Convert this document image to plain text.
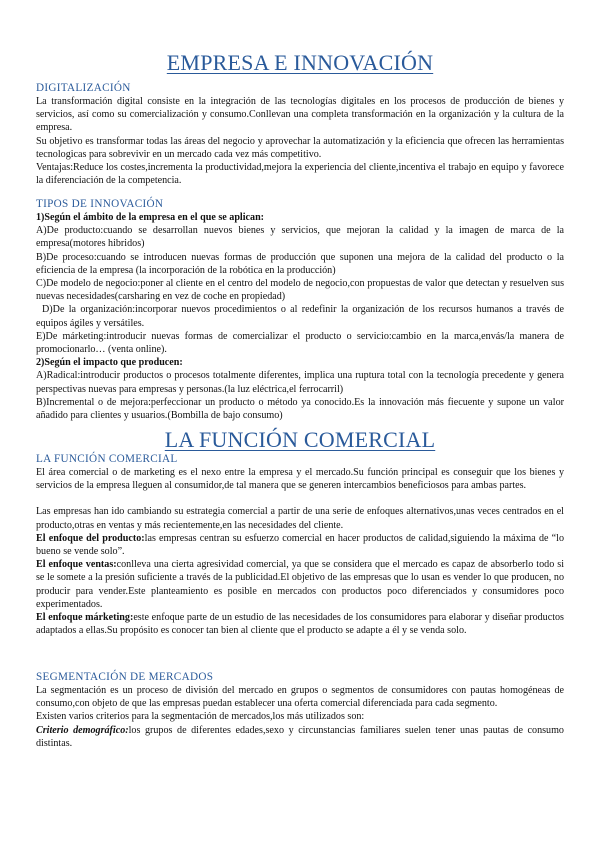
EMPRESA E INNOVACIÓN
DIGITALIZACIÓN

La transformación digital consiste en la integración de las tecnologías digitales en los procesos de producción de bienes y servicios, así como su comercialización y consumo.Conllevan una completa transformación en la organización y la cultura de la empresa.

Su objetivo es transformar todas las áreas del negocio y aprovechar la automatización y la eficiencia que ofrecen las herramientas tecnologicas para sobrevivir en un mercado cada vez más competitivo.

Ventajas:Reduce los costes,incrementa la productividad,mejora la experiencia del cliente,incentiva el trabajo en equipo y favorece la diferenciación de la competencia.

TIPOS DE INNOVACIÓN

1)Según el ámbito de la empresa en el que se aplican:

A)De producto:cuando se desarrollan nuevos bienes y servicios, que mejoran la calidad y la imagen de marca de la empresa(motores hibridos)

B)De proceso:cuando se introducen nuevas formas de producción que suponen una mejora de la calidad del producto o la eficiencia de la empresa (la incorporación de la robótica en la producción)

C)De modelo de negocio:poner al cliente en el centro del modelo de negocio,con propuestas de valor que detectan y resuelven sus nuevas necesidades(carsharing en vez de coche en propiedad)

D)De la organización:incorporar nuevos procedimientos o al redefinir la organización de los recursos humanos a través de equipos ágiles y versátiles.

E)De márketing:introducir nuevas formas de comercializar el producto o servicio:cambio en la marca,envás/la manera de promocionarlo… (venta online).

2)Según el impacto que producen:

A)Radical:introducir productos o procesos totalmente diferentes, implica una ruptura total con la tecnología precedente y genera perspectivas nuevas para empresas y personas.(la luz eléctrica,el ferrocarril)

B)Incremental o de mejora:perfeccionar un producto o método ya conocido.Es la innovación más fiecuente y supone un valor añadido para clientes y usuarios.(Bombilla de bajo consumo)

LA FUNCIÓN COMERCIAL
LA FUNCIÓN COMERCIAL

El área comercial o de marketing es el nexo entre la empresa y el mercado.Su función principal es conseguir que los bienes y servicios de la empresa lleguen al consumidor,de tal manera que se generen intercambios beneficiosos para ambas partes.

Las empresas han ido cambiando su estrategia comercial a partir de una serie de enfoques alternativos,unas veces centrados en el producto,otras en ventas y más recientemente,en las necesidades del cliente.

El enfoque del producto:las empresas centran su esfuerzo comercial en hacer productos de calidad,siguiendo la máxima de “lo bueno se vende solo”.

El enfoque ventas:conlleva una cierta agresividad comercial, ya que se considera que el mercado es capaz de absorberlo todo si se le somete a la presión suficiente a través de la publicidad.El objetivo de las empresas que lo usan es vender lo que producen, no producir para vender.Este planteamiento es posible en mercados con productos poco diferenciados y consumidores poco experimentados.

El enfoque márketing:este enfoque parte de un estudio de las necesidades de los consumidores para elaborar y diseñar productos adaptados a ellas.Su propósito es conocer tan bien al cliente que el producto se adapte a él y se venda solo.

SEGMENTACIÓN DE MERCADOS

La segmentación es un proceso de división del mercado en grupos o segmentos de consumidores con pautas homogéneas de consumo,con objeto de que las empresas puedan establecer una oferta comercial diferenciada para cada segmento.

Existen varios criterios para la segmentación de mercados,los más utilizados son:

Criterio demográfico:los grupos de diferentes edades,sexo y circunstancias familiares suelen tener unas pautas de consumo distintas.
